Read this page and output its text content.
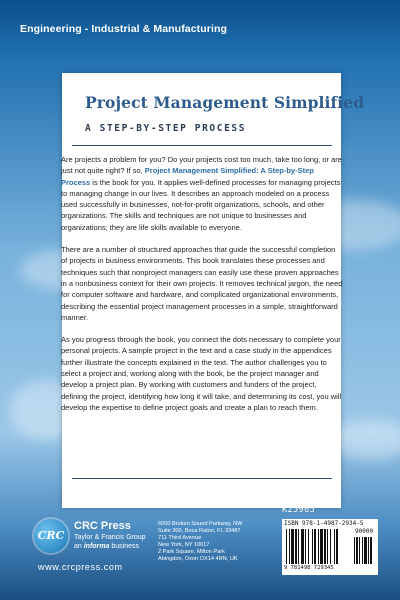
Engineering - Industrial & Manufacturing
Project Management Simplified
A STEP-BY-STEP PROCESS

Are projects a problem for you? Do your projects cost too much, take too long, or are just not quite right? If so, Project Management Simplified: A Step-by-Step Process is the book for you. It applies well-defined processes for managing projects to managing change in our lives. It describes an approach modeled on a process used successfully in businesses, not-for-profit organizations, schools, and other organizations. The skills and techniques are not unique to businesses and organizations; they are life skills available to everyone.

There are a number of structured approaches that guide the successful completion of projects in business environments. This book translates these processes and techniques such that nonproject managers can easily use these proven approaches in a nonbusiness context for their own projects. It removes technical jargon, the need for computer software and hardware, and complicated organizational environments, describing the essential project management processes in a simple, straightforward manner.

As you progress through the book, you connect the dots necessary to complete your personal projects. A sample project in the text and a case study in the appendices further illustrate the concepts explained in the text. The author challenges you to select a project and, working along with the book, be the project manager and develop a project plan. By working with customers and funders of the project, defining the project, identifying how long it will take, and determining its cost, you will develop the expertise to define project goals and create a plan to reach them.

CRC
CRC Press
Taylor & Francis Group
an informa business
www.crcpress.com
6000 Broken Sound Parkway, NW
Suite 300, Boca Raton, FL 33487
711 Third Avenue
New York, NY 10017
2 Park Square, Milton Park
Abingdon, Oxon OX14 4RN, UK
K25965
ISBN 978-1-4987-2934-5
90000
9 781498 729345
